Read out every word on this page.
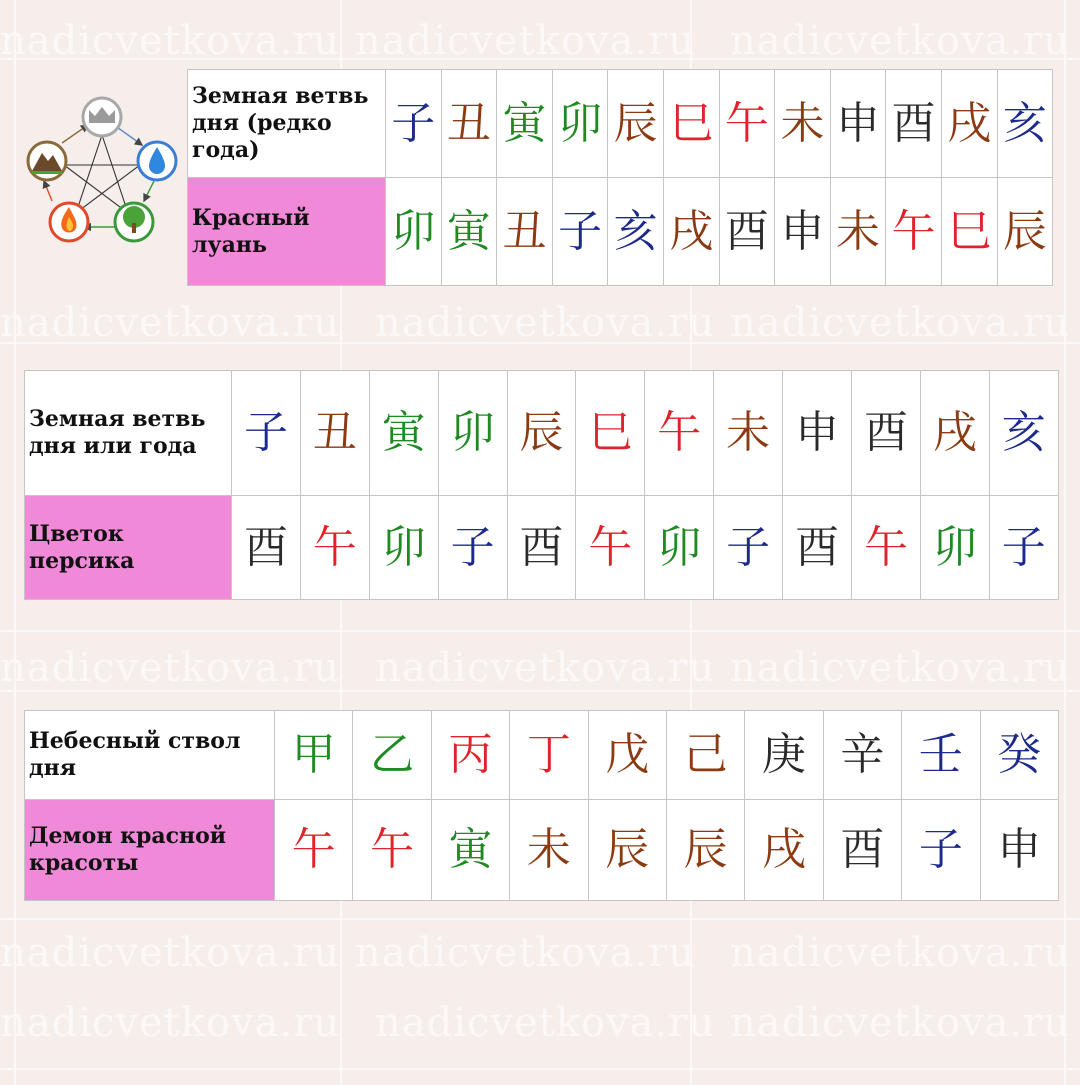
nadicvetkova.ru nadicvetkova.ru nadicvetkova.ru
nadicvetkova.ru nadicvetkova.ru nadicvetkova.ru
nadicvetkova.ru nadicvetkova.ru nadicvetkova.ru
nadicvetkova.ru nadicvetkova.ru nadicvetkova.ru
nadicvetkova.ru nadicvetkova.ru nadicvetkova.ru
Земная ветвь дня (редко года)	子	丑	寅	卯	辰	巳	午	未	申	酉	戌	亥
Красный луань	卯	寅	丑	子	亥	戌	酉	申	未	午	巳	辰
Земная ветвь дня или года	子	丑	寅	卯	辰	巳	午	未	申	酉	戌	亥
Цветок персика	酉	午	卯	子	酉	午	卯	子	酉	午	卯	子
Небесный ствол дня	甲	乙	丙	丁	戊	己	庚	辛	壬	癸
Демон красной красоты	午	午	寅	未	辰	辰	戌	酉	子	申
